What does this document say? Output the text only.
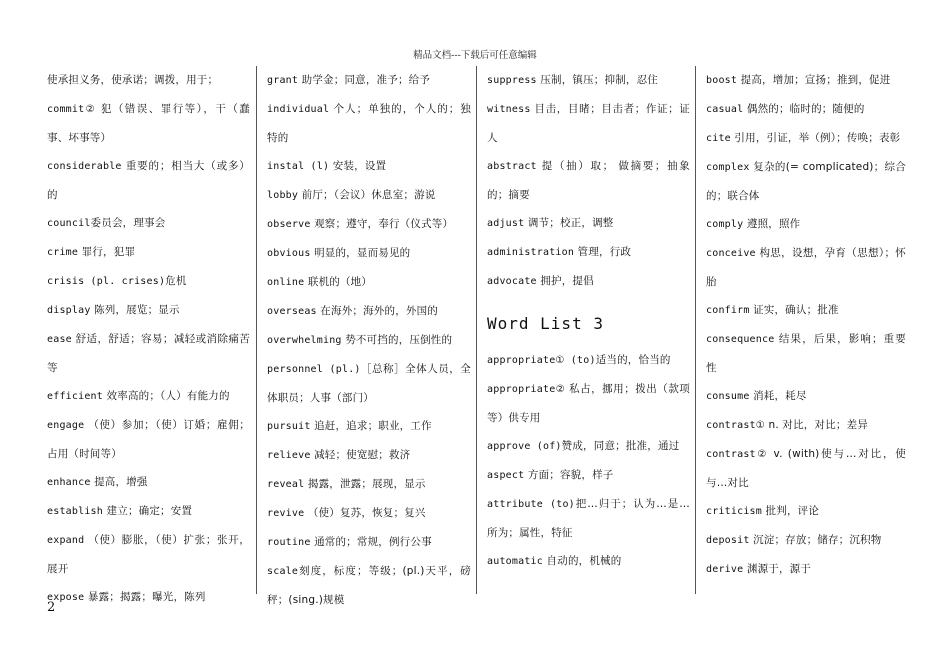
精品文档---下载后可任意编辑
使承担义务，使承诺；调拨，用于；
commit② 犯（错误、罪行等），干（蠢事、坏事等）
considerable 重要的；相当大（或多）的
council委员会，理事会
crime 罪行，犯罪
crisis (pl. crises)危机
display 陈列，展览；显示
ease 舒适，舒适；容易；减轻或消除痛苦等
efficient 效率高的；（人）有能力的
engage （使）参加；（使）订婚；雇佣；占用（时间等）
enhance 提高，增强
establish 建立；确定；安置
expand （使）膨胀，（使）扩张；张开，展开
expose 暴露；揭露；曝光，陈列
grant 助学金；同意，准予；给予
individual 个人；单独的，个人的；独特的
instal (l) 安装，设置
lobby 前厅；（会议）休息室；游说
observe 观察；遵守，奉行（仪式等）
obvious 明显的，显而易见的
online 联机的（地）
overseas 在海外；海外的，外国的
overwhelming 势不可挡的，压倒性的
personnel (pl.)［总称］全体人员，全体职员；人事（部门）
pursuit 追赶，追求；职业，工作
relieve 减轻；使宽慰；救济
reveal 揭露，泄露；展现，显示
revive （使）复苏，恢复；复兴
routine 通常的；常规，例行公事
scale刻度，标度；等级；(pl.)天平，磅秤；(sing.)规模
suppress 压制，镇压；抑制，忍住
witness 目击，目睹；目击者；作证；证人
abstract 提（抽）取； 做摘要；抽象的；摘要
adjust 调节；校正，调整
administration 管理，行政
advocate 拥护，提倡
Word List 3
appropriate① (to)适当的，恰当的
appropriate② 私占，挪用；拨出（款项等）供专用
approve (of)赞成，同意；批准，通过
aspect 方面；容貌，样子
attribute (to)把…归于；认为…是…所为；属性，特征
automatic 自动的，机械的
boost 提高，增加；宣扬；推到，促进
casual 偶然的；临时的；随便的
cite 引用，引证，举（例）；传唤；表彰
complex 复杂的(= complicated)；综合的；联合体
comply 遵照，照作
conceive 构思，设想，孕育（思想）；怀胎
confirm 证实，确认；批准
consequence 结果，后果，影响；重要性
consume 消耗，耗尽
contrast① n. 对比，对比；差异
contrast② v. (with)使与…对比，使与…对比
criticism 批判，评论
deposit 沉淀；存放；储存；沉积物
derive 渊源于，源于
2
